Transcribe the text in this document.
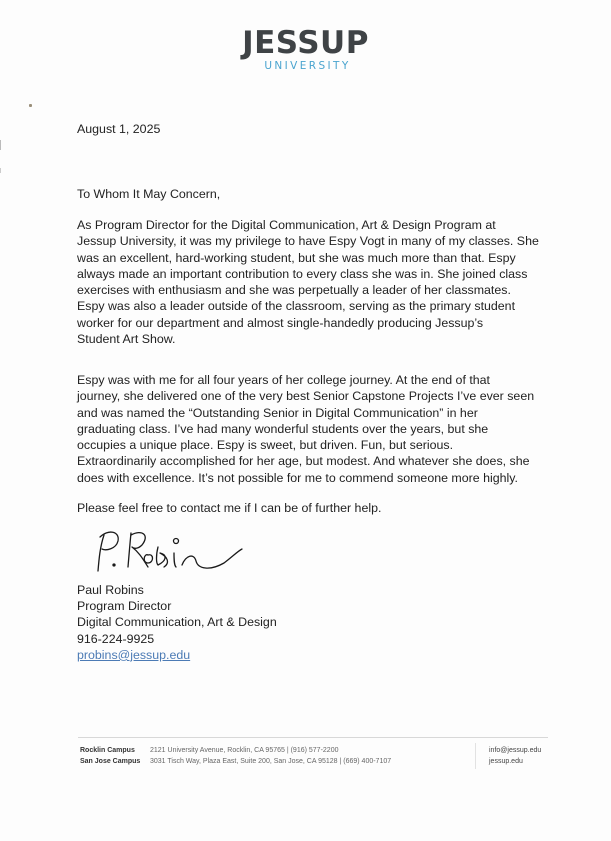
JESSUP
UNIVERSITY
August 1, 2025
To Whom It May Concern,
As Program Director for the Digital Communication, Art & Design Program at
Jessup University, it was my privilege to have Espy Vogt in many of my classes. She
was an excellent, hard-working student, but she was much more than that. Espy
always made an important contribution to every class she was in. She joined class
exercises with enthusiasm and she was perpetually a leader of her classmates.
Espy was also a leader outside of the classroom, serving as the primary student
worker for our department and almost single-handedly producing Jessup’s
Student Art Show.
Espy was with me for all four years of her college journey. At the end of that
journey, she delivered one of the very best Senior Capstone Projects I’ve ever seen
and was named the “Outstanding Senior in Digital Communication” in her
graduating class. I’ve had many wonderful students over the years, but she
occupies a unique place. Espy is sweet, but driven. Fun, but serious.
Extraordinarily accomplished for her age, but modest. And whatever she does, she
does with excellence. It’s not possible for me to commend someone more highly.
Please feel free to contact me if I can be of further help.
Paul Robins
Program Director
Digital Communication, Art & Design
916-224-9925
probins@jessup.edu
Rocklin Campus
San Jose Campus
2121 University Avenue, Rocklin, CA 95765 | (916) 577-2200
3031 Tisch Way, Plaza East, Suite 200, San Jose, CA 95128 | (669) 400-7107
info@jessup.edu
jessup.edu
